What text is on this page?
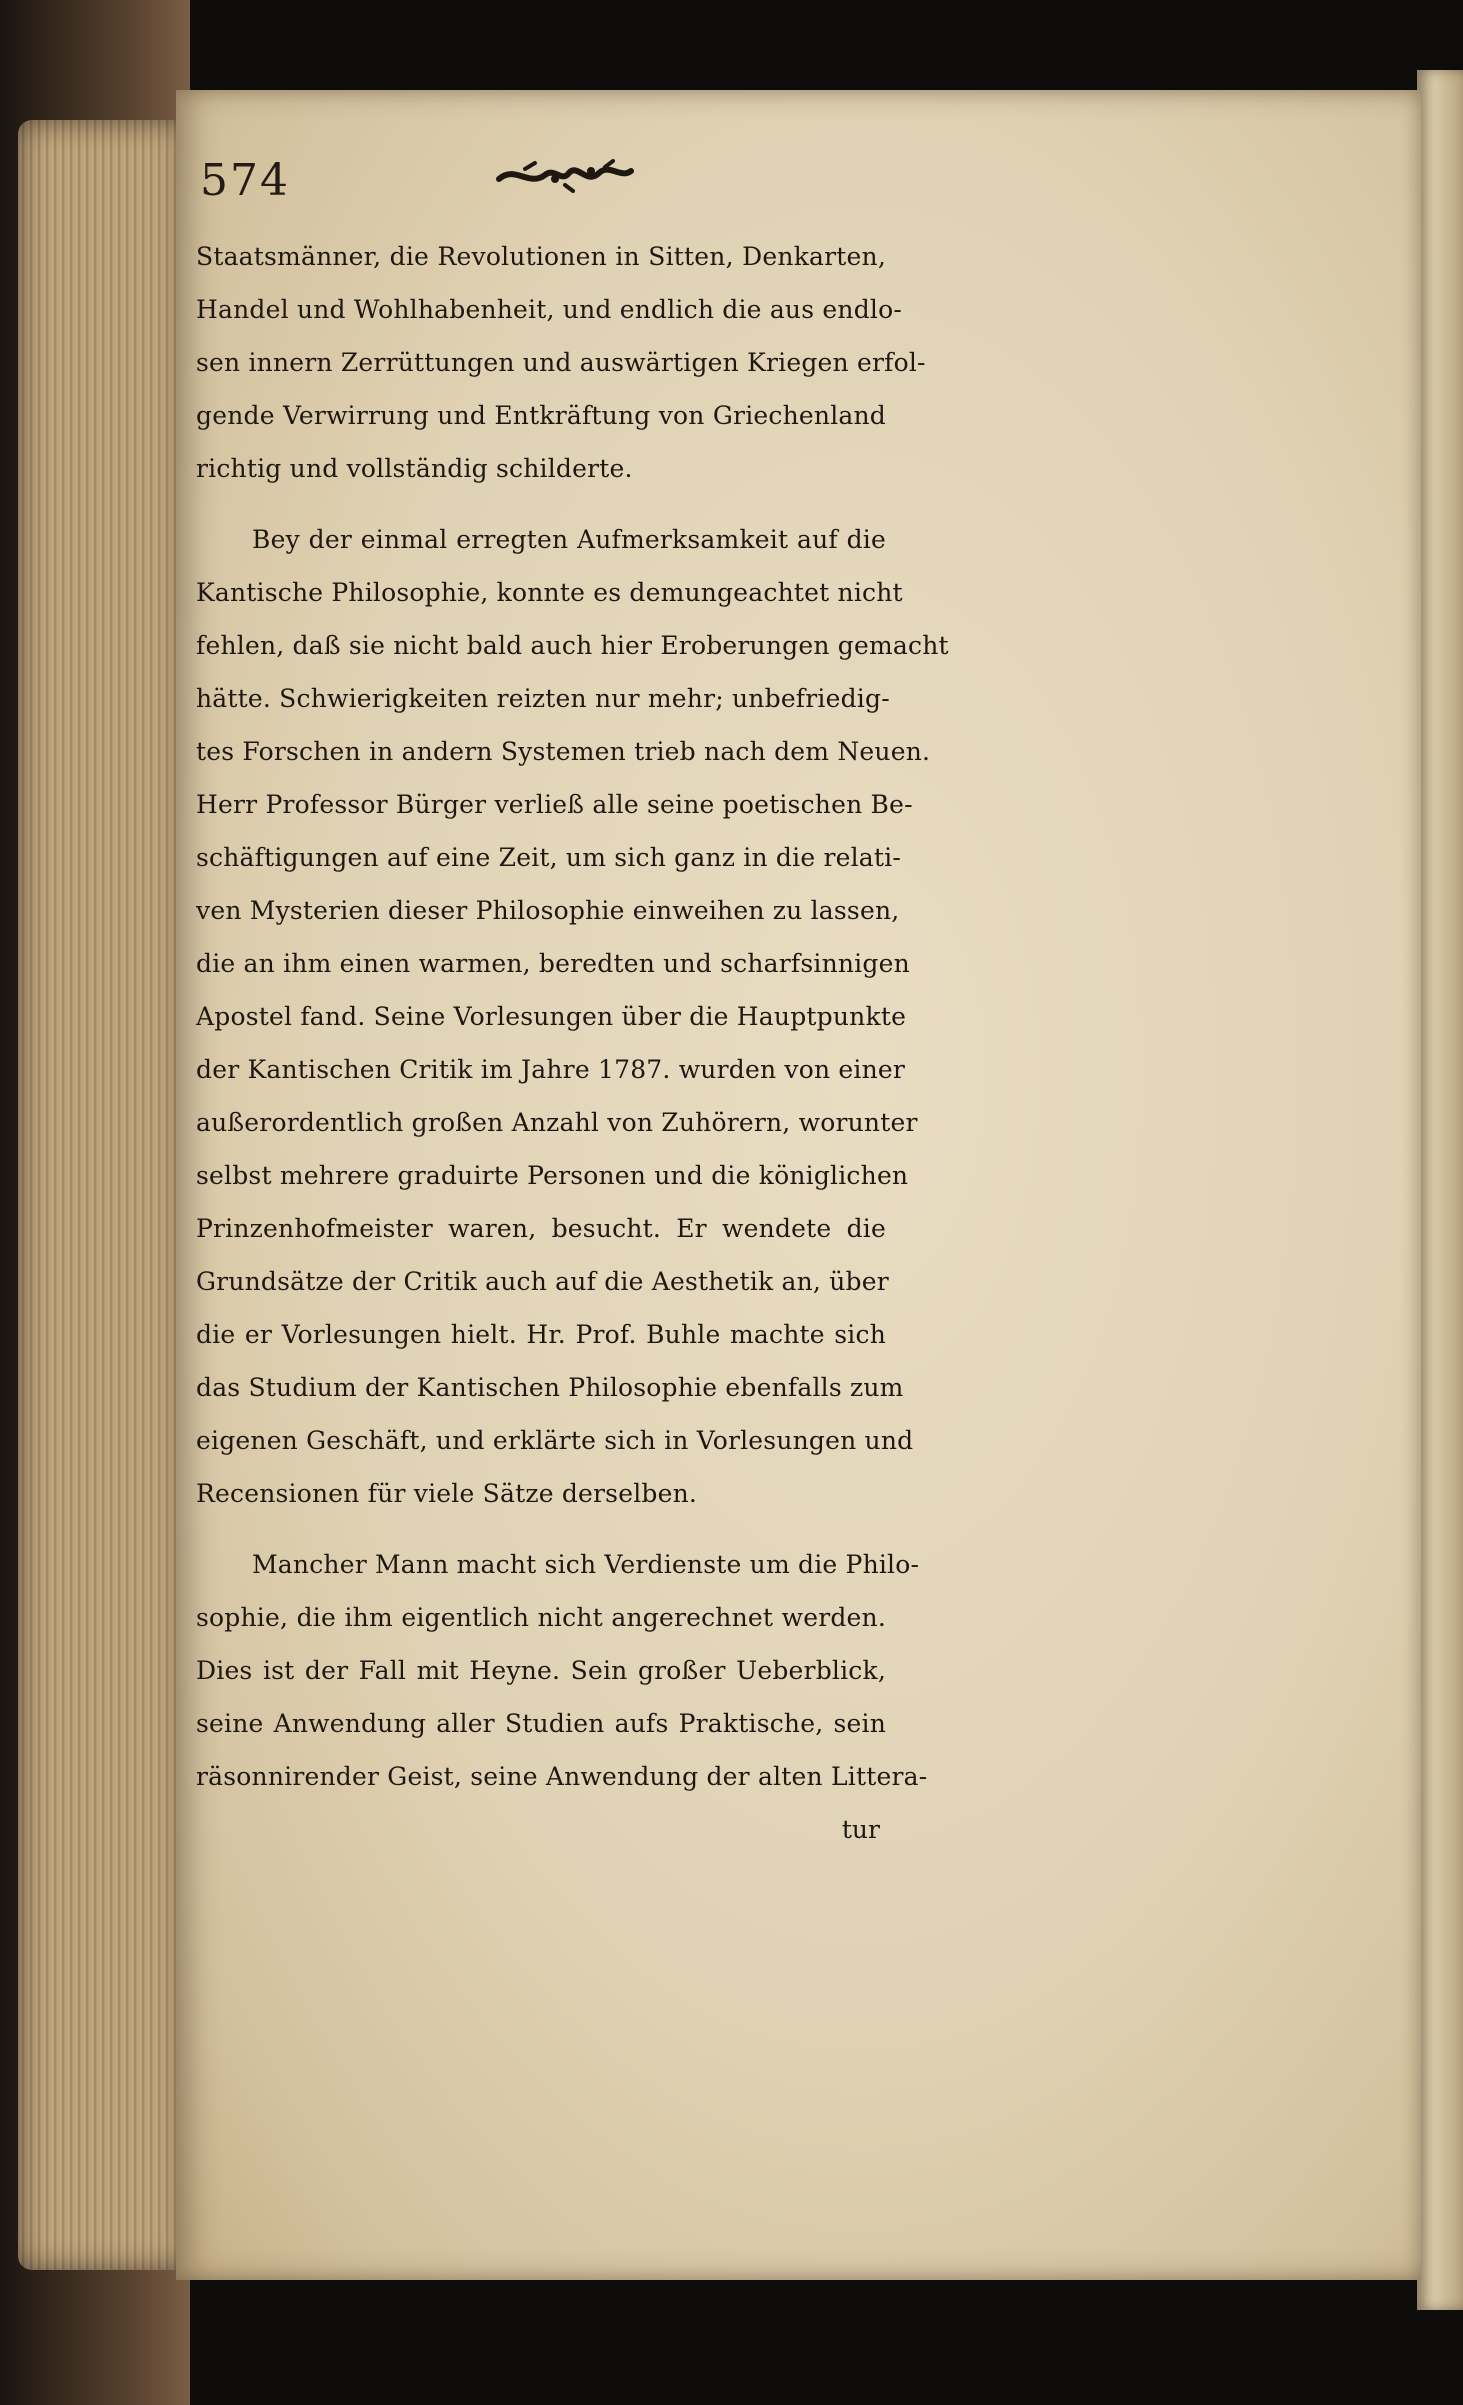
574
Staatsmänner, die Revolutionen in Sitten, Denkarten,
Handel und Wohlhabenheit, und endlich die aus endlo-
sen innern Zerrüttungen und auswärtigen Kriegen erfol-
gende Verwirrung und Entkräftung von Griechenland
richtig und vollständig schilderte.
Bey der einmal erregten Aufmerksamkeit auf die
Kantische Philosophie, konnte es demungeachtet nicht
fehlen, daß sie nicht bald auch hier Eroberungen gemacht
hätte. Schwierigkeiten reizten nur mehr; unbefriedig-
tes Forschen in andern Systemen trieb nach dem Neuen.
Herr Professor Bürger verließ alle seine poetischen Be-
schäftigungen auf eine Zeit, um sich ganz in die relati-
ven Mysterien dieser Philosophie einweihen zu lassen,
die an ihm einen warmen, beredten und scharfsinnigen
Apostel fand. Seine Vorlesungen über die Hauptpunkte
der Kantischen Critik im Jahre 1787. wurden von einer
außerordentlich großen Anzahl von Zuhörern, worunter
selbst mehrere graduirte Personen und die königlichen
Prinzenhofmeister waren, besucht. Er wendete die
Grundsätze der Critik auch auf die Aesthetik an, über
die er Vorlesungen hielt. Hr. Prof. Buhle machte sich
das Studium der Kantischen Philosophie ebenfalls zum
eigenen Geschäft, und erklärte sich in Vorlesungen und
Recensionen für viele Sätze derselben.
Mancher Mann macht sich Verdienste um die Philo-
sophie, die ihm eigentlich nicht angerechnet werden.
Dies ist der Fall mit Heyne. Sein großer Ueberblick,
seine Anwendung aller Studien aufs Praktische, sein
räsonnirender Geist, seine Anwendung der alten Littera-
tur
